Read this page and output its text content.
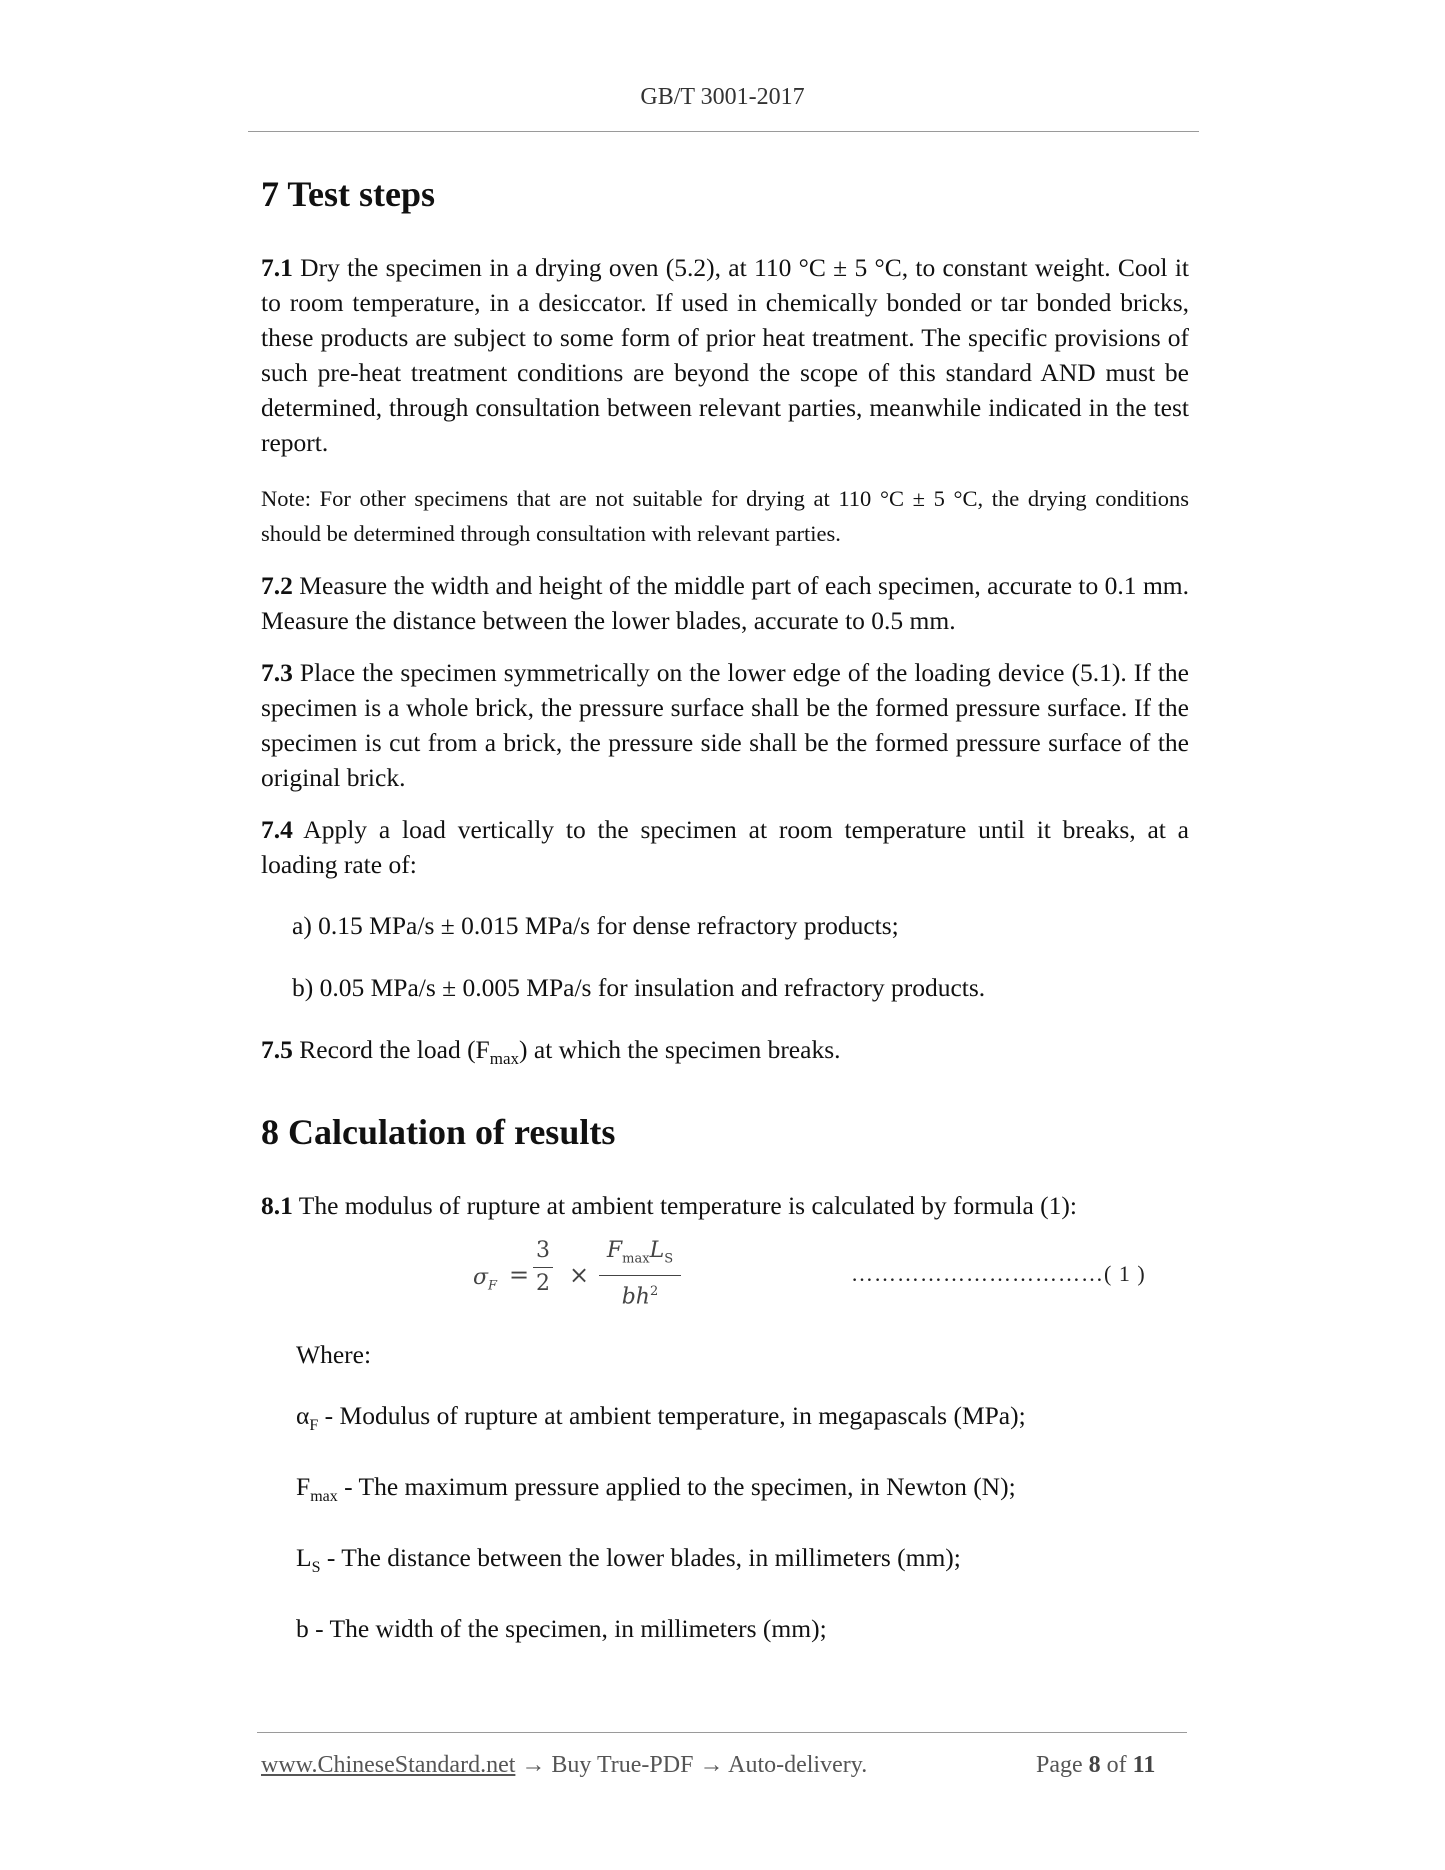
GB/T 3001-2017
7 Test steps

7.1 Dry the specimen in a drying oven (5.2), at 110 °C ± 5 °C, to constant weight. Cool it to room temperature, in a desiccator. If used in chemically bonded or tar bonded bricks, these products are subject to some form of prior heat treatment. The specific provisions of such pre-heat treatment conditions are beyond the scope of this standard AND must be determined, through consultation between relevant parties, meanwhile indicated in the test report.

Note: For other specimens that are not suitable for drying at 110 °C ± 5 °C, the drying conditions should be determined through consultation with relevant parties.

7.2 Measure the width and height of the middle part of each specimen, accurate to 0.1 mm. Measure the distance between the lower blades, accurate to 0.5 mm.

7.3 Place the specimen symmetrically on the lower edge of the loading device (5.1). If the specimen is a whole brick, the pressure surface shall be the formed pressure surface. If the specimen is cut from a brick, the pressure side shall be the formed pressure surface of the original brick.

7.4 Apply a load vertically to the specimen at room temperature until it breaks, at a loading rate of:

a) 0.15 MPa/s ± 0.015 MPa/s for dense refractory products;

b) 0.05 MPa/s ± 0.005 MPa/s for insulation and refractory products.

7.5 Record the load $(F_{max})$ at which the specimen breaks.

8 Calculation of results

8.1 The modulus of rupture at ambient temperature is calculated by formula (1):

$\sigma_F$ =
3
2 ×
$F_{max}L_S$
$bh^2$
……………………………( 1 )

Where:

$\alpha_F$ - Modulus of rupture at ambient temperature, in megapascals (MPa);

$F_{max}$ - The maximum pressure applied to the specimen, in Newton (N);

$L_S$ - The distance between the lower blades, in millimeters (mm);

b - The width of the specimen, in millimeters (mm);

www.ChineseStandard.net → Buy True-PDF → Auto-delivery.	Page 8 of 11
